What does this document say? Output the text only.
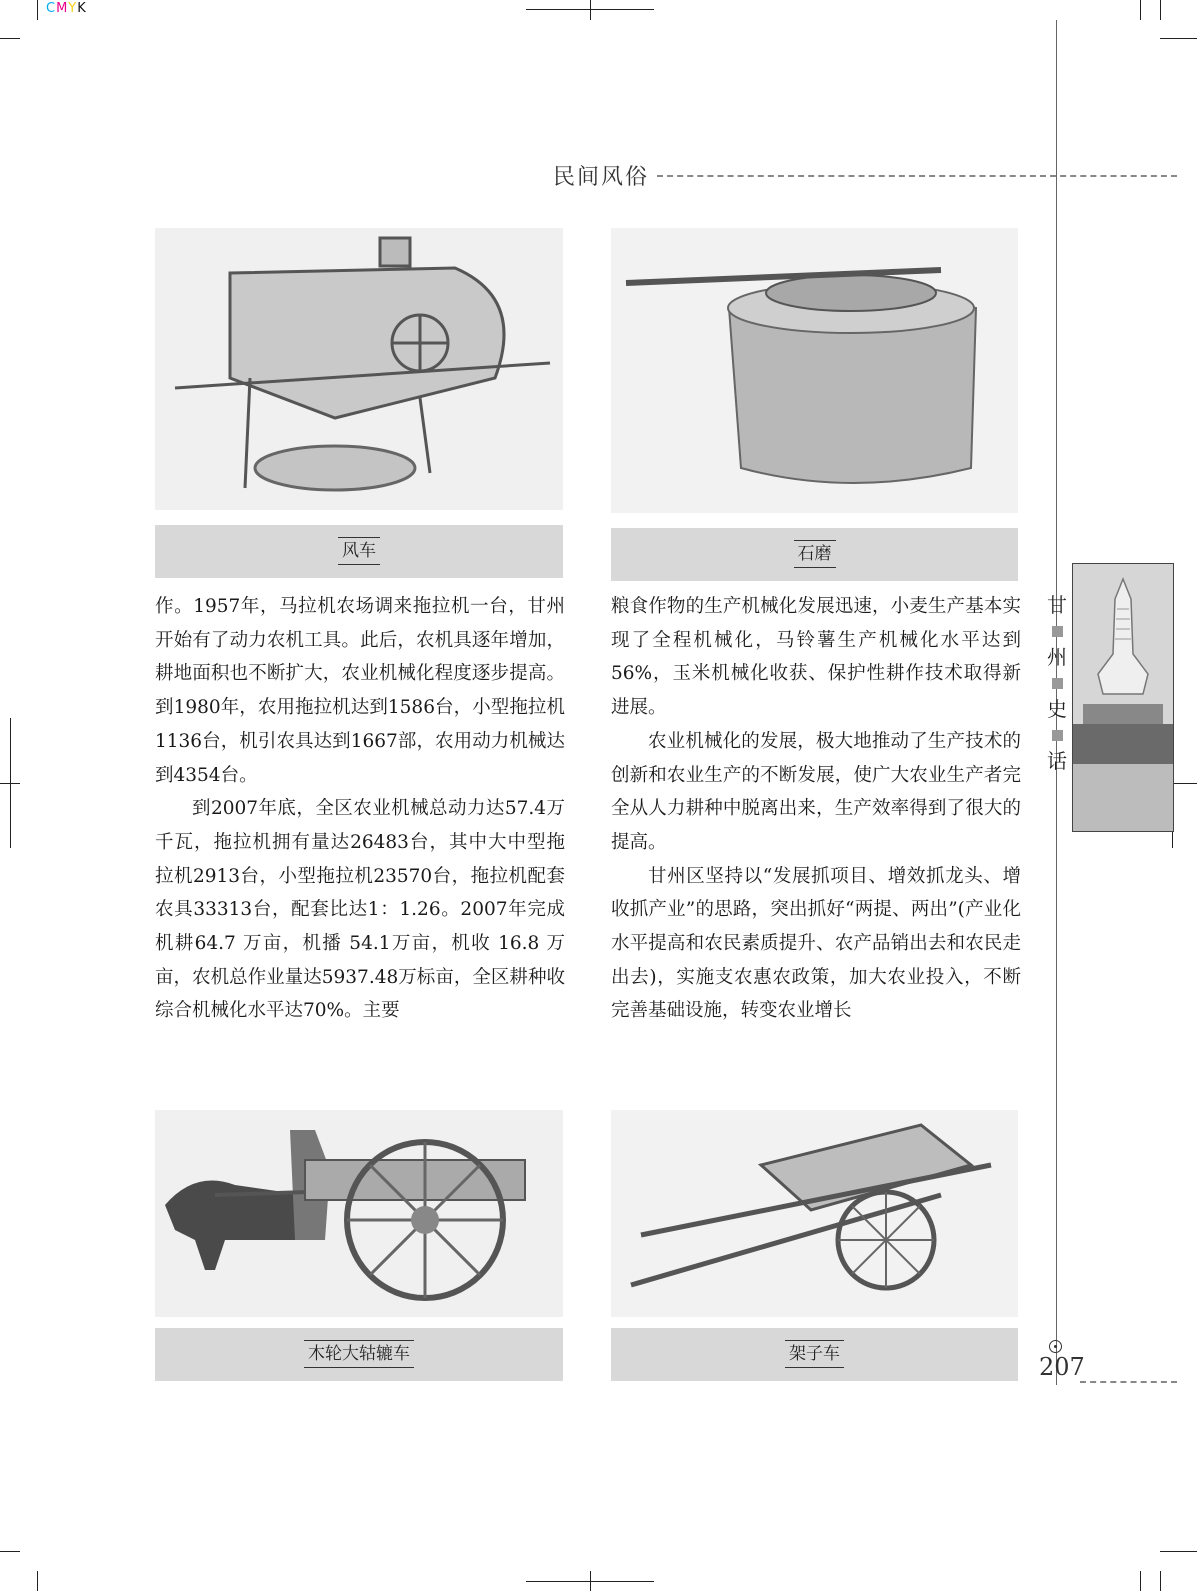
CMYK
民间风俗
风车	石磨

作。1957年，马拉机农场调来拖拉机一台，甘州开始有了动力农机工具。此后，农机具逐年增加，耕地面积也不断扩大，农业机械化程度逐步提高。到1980年，农用拖拉机达到1586台，小型拖拉机1136台，机引农具达到1667部，农用动力机械达到4354台。

到2007年底，全区农业机械总动力达57.4万千瓦，拖拉机拥有量达26483台，其中大中型拖拉机2913台，小型拖拉机23570台，拖拉机配套农具33313台，配套比达1：1.26。2007年完成机耕64.7 万亩，机播 54.1万亩，机收 16.8 万亩，农机总作业量达5937.48万标亩，全区耕种收综合机械化水平达70%。主要

粮食作物的生产机械化发展迅速，小麦生产基本实现了全程机械化，马铃薯生产机械化水平达到56%，玉米机械化收获、保护性耕作技术取得新进展。

农业机械化的发展，极大地推动了生产技术的创新和农业生产的不断发展，使广大农业生产者完全从人力耕种中脱离出来，生产效率得到了很大的提高。

甘州区坚持以“发展抓项目、增效抓龙头、增收抓产业”的思路，突出抓好“两提、两出”(产业化水平提高和农民素质提升、农产品销出去和农民走出去)，实施支农惠农政策，加大农业投入，不断完善基础设施，转变农业增长

木轮大轱辘车	架子车
甘
州
史
话
207
